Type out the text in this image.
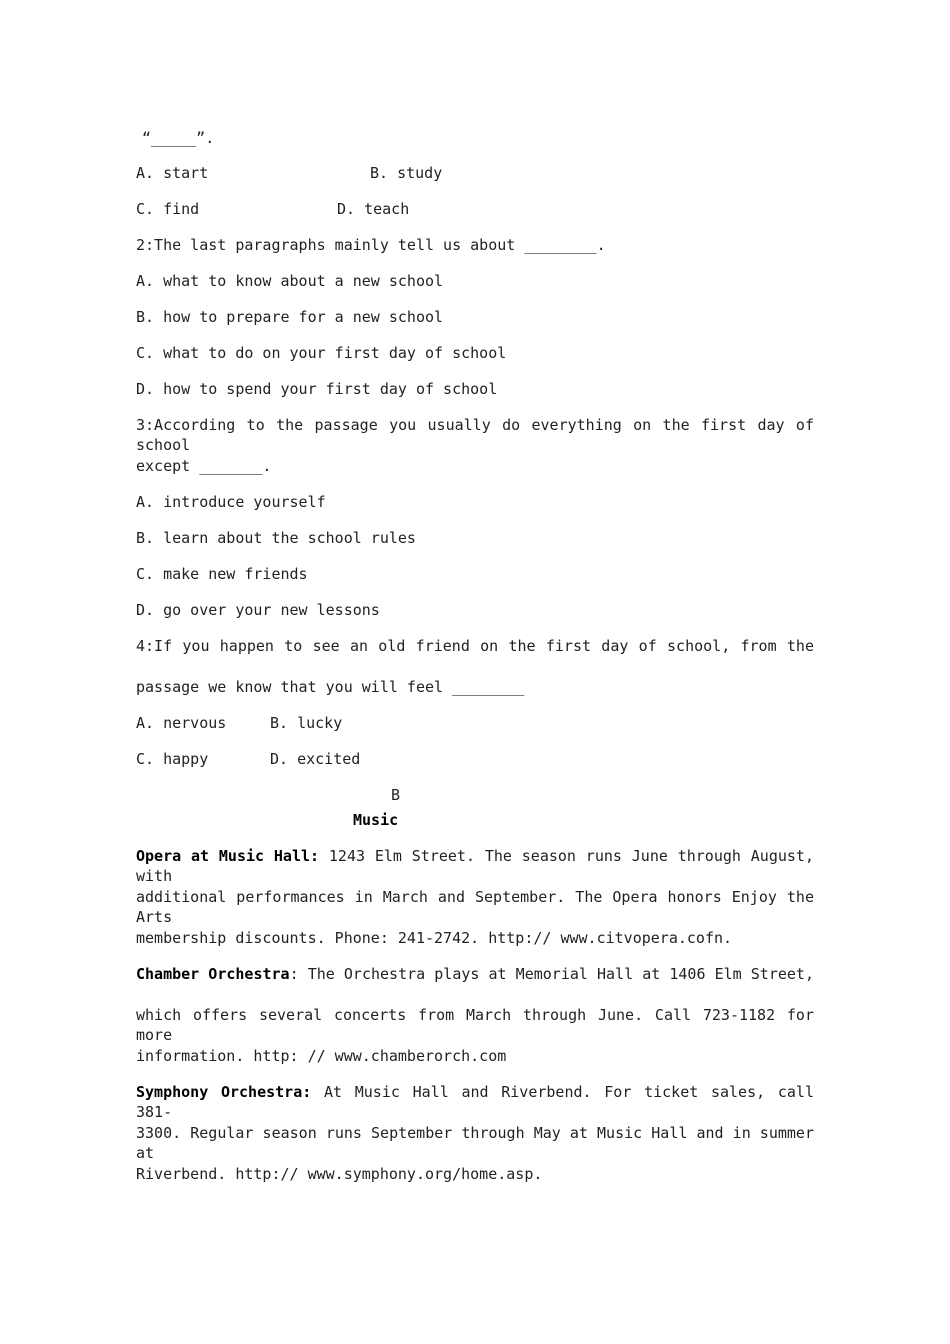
“_____”.
A. start	B. study
C. find	D. teach
2:The last paragraphs mainly tell us about ________.
A. what to know about a new school
B. how to prepare for a new school
C. what to do on your first day of school
D. how to spend your first day of school
3:According to the passage you usually do everything on the first day of school
except _______.
A. introduce yourself
B. learn about the school rules
C. make new friends
D. go over your new lessons
4:If you happen to see an old friend on the first day of school, from the
passage we know that you will feel ________
A. nervous	B. lucky
C. happy	D. excited
B
Music
Opera at Music Hall: 1243 Elm Street. The season runs June through August, with
additional performances in March and September. The Opera honors Enjoy the Arts
membership discounts. Phone: 241-2742. http:// www.citvopera.cofn.
Chamber Orchestra: The Orchestra plays at Memorial Hall at 1406 Elm Street,
which offers several concerts from March through June. Call 723-1182 for more
information. http: // www.chamberorch.com
Symphony Orchestra: At Music Hall and Riverbend. For ticket sales, call 381-
3300. Regular season runs September through May at Music Hall and in summer at
Riverbend. http:// www.symphony.org/home.asp.
